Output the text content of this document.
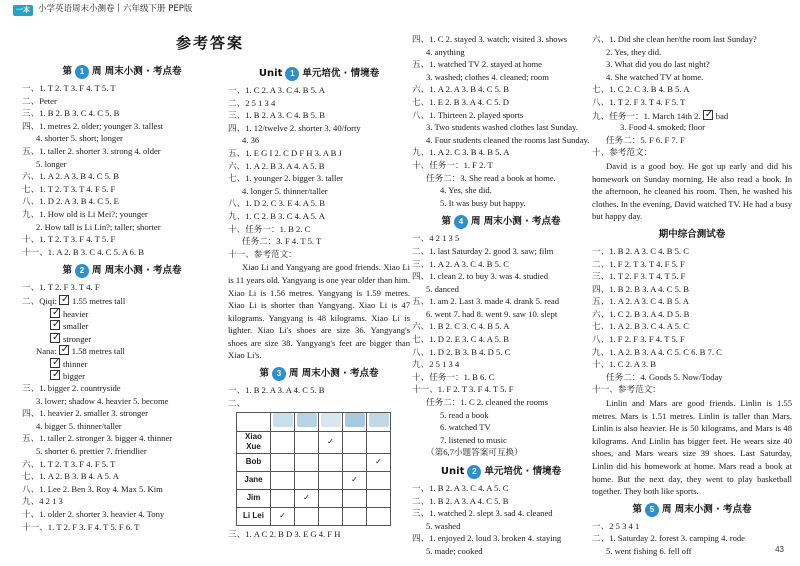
一本 小学英语周末小测卷丨六年级下册 PEP版
参考答案
第 1 周 周末小测 · 考点卷
一、1. T 2. T 3. F 4. T 5. T
二、Peter
三、1. B 2. B 3. C 4. C 5. B
四、1. metres 2. older; younger 3. tallest
4. shorter 5. short; longer
五、1. taller 2. shorter 3. strong 4. older
5. longer
六、1. A 2. A 3. B 4. C 5. B
七、1. T 2. T 3. T 4. F 5. F
八、1. D 2. A 3. B 4. C 5. E
九、1. How old is Li Mei?; younger
2. How tall is Li Lin?; taller; shorter
十、1. T 2. T 3. F 4. T 5. F
十一、1. A 2. B 3. C 4. C 5. A 6. B
第 2 周 周末小测 · 考点卷
一、1. T 2. F 3. T 4. F
二、Qiqi: ✓ 1.55 metres tall
✓heavier
✓smaller
✓stronger
Nana: ✓ 1.58 metres tall
✓thinner
✓bigger
三、1. bigger 2. countryside
3. lower; shadow 4. heavier 5. become
四、1. heavier 2. smaller 3. stronger
4. bigger 5. thinner/taller
五、1. taller 2. stronger 3. bigger 4. thinner
5. shorter 6. prettier 7. friendlier
六、1. T 2. T 3. F 4. F 5. T
七、1. A 2. B 3. B 4. A 5. A
八、1. Lee 2. Ben 3. Roy 4. Max 5. Kim
九、4 2 1 3
十、1. older 2. shorter 3. heavier 4. Tony
十一、1. T 2. F 3. F 4. T 5. F 6. T
Unit 1 单元培优 · 情境卷
一、1. C 2. A 3. C 4. B 5. A
二、2 5 1 3 4
三、1. B 2. A 3. C 4. B 5. B
四、1. 12/twelve 2. shorter 3. 40/forty
4. 36
五、1. E G I 2. C D F H 3. A B J
六、1. A 2. B 3. A 4. A 5. B
七、1. younger 2. bigger 3. taller
4. longer 5. thinner/taller
八、1. D 2. C 3. E 4. A 5. B
九、1. C 2. B 3. C 4. A 5. A
十、任务一：1. B 2. C
任务二：3. F 4. T 5. T
十一、参考范文：
Xiao Li and Yangyang are good friends. Xiao Li is 11 years old. Yangyang is one year older than him. Xiao Li is 1.56 metres. Yangyang is 1.59 metres. Xiao Li is shorter than Yangyang. Xiao Li is 47 kilograms. Yangyang is 48 kilograms. Xiao Li is lighter. Xiao Li's shoes are size 36. Yangyang's shoes are size 38. Yangyang's feet are bigger than Xiao Li's.
第 3 周 周末小测 · 考点卷
一、1. B 2. A 3. A 4. C 5. B
二、

Xiao Xue			✓		
Bob					✓
Jane				✓	
Jim		✓			
Li Lei	✓				
三、1. A C 2. B D 3. E G 4. F H
四、1. C 2. stayed 3. watch; visited 3. shows
4. anything
五、1. watched TV 2. stayed at home
3. washed; clothes 4. cleaned; room
六、1. A 2. A 3. B 4. C 5. B
七、1. E 2. B 3. A 4. C 5. D
八、1. Thirteen 2. played sports
3. Two students washed clothes last Sunday.
4. Four students cleaned the rooms last Sunday.
九、1. A 2. C 3. B 4. B 5. A
十、任务一：1. F 2. T
任务二：3. She read a book at home.
4. Yes, she did.
5. It was busy but happy.
第 4 周 周末小测 · 考点卷
一、4 2 1 3 5
二、1. last Saturday 2. good 3. saw; film
三、1. A 2. A 3. C 4. B 5. C
四、1. clean 2. to buy 3. was 4. studied
5. danced
五、1. am 2. Last 3. made 4. drank 5. read
6. went 7. had 8. went 9. saw 10. slept
六、1. B 2. C 3. C 4. B 5. A
七、1. D 2. E 3. C 4. A 5. B
八、1. D 2. B 3. B 4. D 5. C
九、2 5 1 3 4
十、任务一：1. B 6. C
十一、1. F 2. T 3. F 4. T 5. F
任务二：1. C 2. cleaned the rooms
5. read a book
6. watched TV
7. listened to music
（第6,7小题答案可互换）
Unit 2 单元培优 · 情境卷
一、1. B 2. A 3. C 4. A 5. C
二、1. B 2. A 3. A 4. C 5. B
三、1. watched 2. slept 3. sad 4. cleaned
5. washed
四、1. enjoyed 2. loud 3. broken 4. staying
5. made; cooked
六、1. Did she clean her/the room last Sunday?
2. Yes, they did.
3. What did you do last night?
4. She watched TV at home.
七、1. C 2. C 3. B 4. B 5. A
八、1. T 2. F 3. T 4. F 5. T
九、任务一：1. March 14th 2. ✓ bad
3. Food 4. smoked; floor
任务二：5. F 6. F 7. F
十、参考范文：
David is a good boy. He got up early and did his homework on Sunday morning. He also read a book. In the afternoon, he cleaned his room. Then, he washed his clothes. In the evening, David watched TV. He had a busy but happy day.
期中综合测试卷
一、1. B 2. A 3. C 4. B 5. C
二、1. F 2. T 3. T 4. F 5. F
三、1. T 2. F 3. T 4. T 5. F
四、1. B 2. B 3. A 4. C 5. B
五、1. A 2. A 3. C 4. B 5. A
六、1. C 2. B 3. A 4. D 5. B
七、1. A 2. B 3. C 4. A 5. C
八、1. F 2. F 3. F 4. T 5. F
九、1. A 2. B 3. A 4. C 5. C 6. B 7. C
十、1. C 2. A 3. B
任务二：4. Goods 5. Now/Today
十一、参考范文：
Linlin and Mars are good friends. Linlin is 1.55 metres. Mars is 1.51 metres. Linlin is taller than Mars. Linlin is also heavier. He is 50 kilograms, and Mars is 48 kilograms. And Linlin has bigger feet. He wears size 40 shoes, and Mars wears size 39 shoes. Last Saturday, Linlin did his homework at home. Mars read a book at home. But the next day, they went to play basketball together. They both like sports.
第 5 周 周末小测 · 考点卷
一、2 5 3 4 1
二、1. Saturday 2. forest 3. camping 4. rode
5. went fishing 6. fell off	43
